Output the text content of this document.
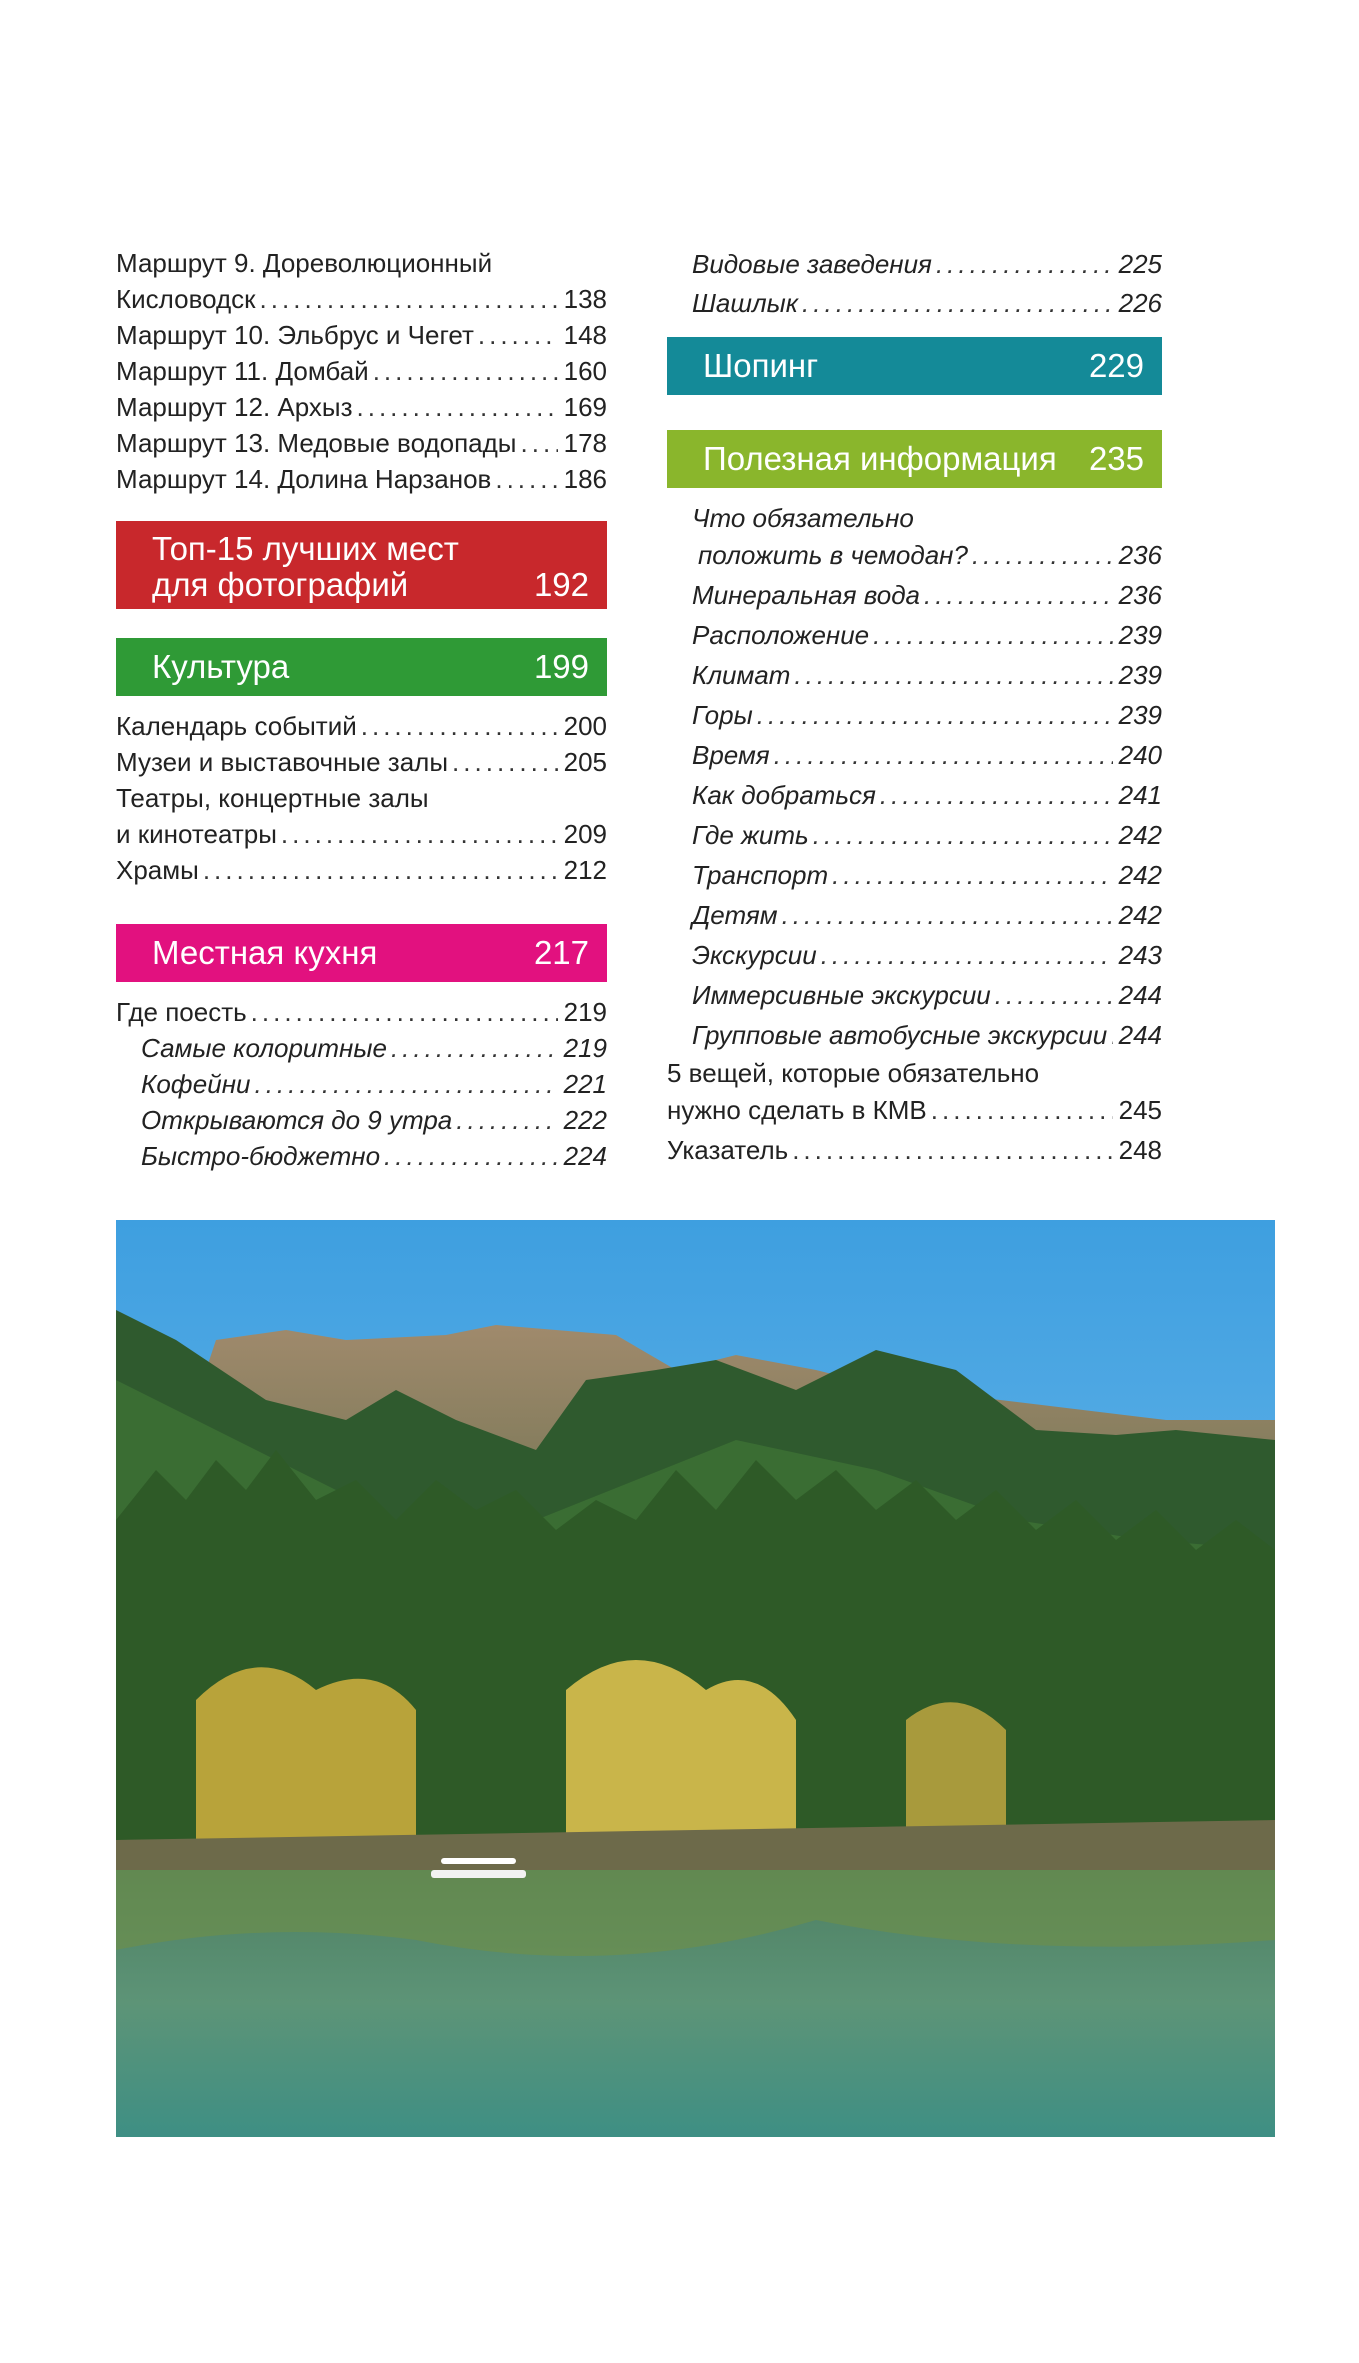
Маршрут 9. Дореволюционный
Кисловодск .....	138
Маршрут 10. Эльбрус и Чегет .....	148
Маршрут 11. Домбай .....	160
Маршрут 12. Архыз .....	169
Маршрут 13. Медовые водопады ..... 178
Маршрут 14. Долина Нарзанов .....	186
Топ-15 лучших мест
для фотографий	192
Культура	199
Календарь событий .....	200
Музеи и выставочные залы .....	205
Театры, концертные залы
и кинотеатры .....	209
Храмы .....	212
Местная кухня	217
Где поесть .....	219
Самые колоритные .....	219
Кофейни .....	221
Открываются до 9 утра .....	222
Быстро-бюджетно .....	224
Видовые заведения .....	225
Шашлык .....	226
Шопинг	229
Полезная информация 235
Что обязательно
положить в чемодан? .....	236
Минеральная вода .....	236
Расположение .....	239
Климат .....	239
Горы .....	239
Время .....	240
Как добраться .....	241
Где жить .....	242
Транспорт .....	242
Детям .....	242
Экскурсии .....	243
Иммерсивные экскурсии .....	244
Групповые автобусные экскурсии ..... 244
5 вещей, которые обязательно
нужно сделать в КМВ .....	245
Указатель .....	248
